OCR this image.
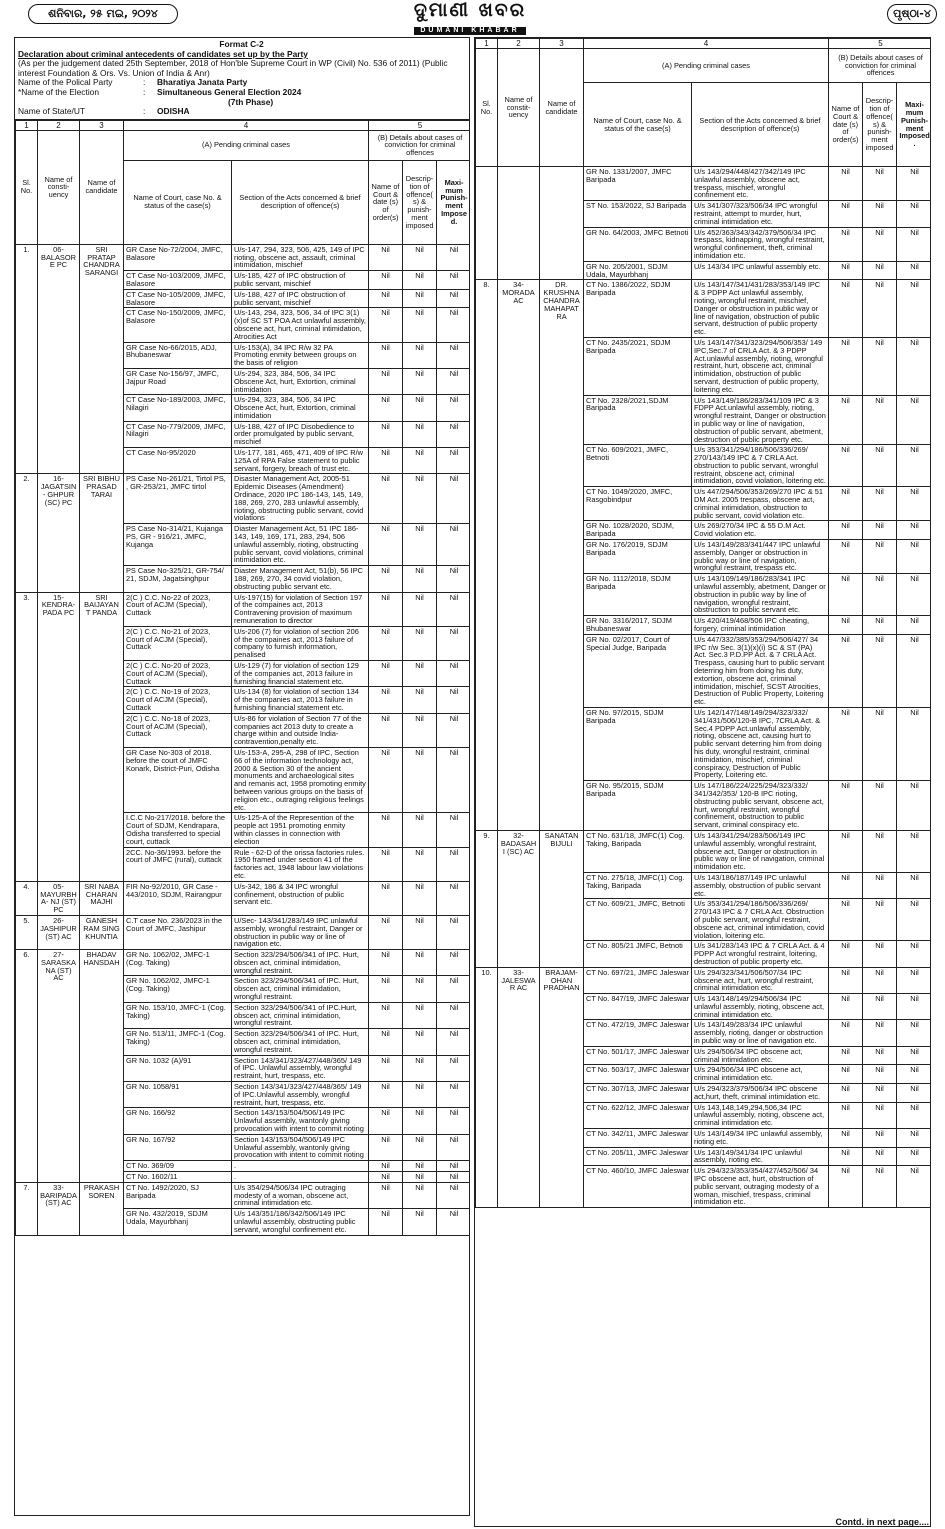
ଶନିବାର, ୨୫ ମଇ, ୨୦୨୪	ଦୁମାଣୀ ଖବର
DUMANI KHABAR
ପୃଷ୍ଠା-୪
Format C-2
Declaration about criminal antecedents of candidates set up by the Party
(As per the judgement dated 25th September, 2018 of Hon'ble Supreme Court in WP (Civil) No. 536 of 2011) (Public interest Foundation & Ors. Vs. Union of India & Anr)
Name of the Polical Party	:	Bharatiya Janata Party
*Name of the Election	:	Simultaneous General Election 2024
(7th Phase)
Name of State/UT	:	ODISHA
1	2	3	4		5		
Sl. No.	Name of consti- uency	Name of candidate	(A) Pending criminal cases		(B) Details about cases of conviction for criminal offences		
			Name of Court, case No. & status of the case(s)	Section of the Acts concerned & brief description of offence(s)	Name of Court & date (s) of order(s)	Descrip- tion of offence(s) & punish- ment imposed	Maxi- mum Punish- ment Imposed.
1.	06- BALASORE PC	SRI PRATAP CHANDRA SARANGI	GR Case No-72/2004, JMFC, Balasore	U/s-147, 294, 323, 506, 425, 149 of IPC rioting, obscene act, assault, criminal intimidation, mischief	Nil	Nil	Nil
			CT Case No-103/2009, JMFC, Balasore	U/s-185, 427 of IPC obstruction of public servant, mischief	Nil	Nil	Nil
			CT Case No-105/2009, JMFC, Balasore	U/s-188, 427 of IPC obstruction of public servant, mischief	Nil	Nil	Nil
			CT Case No-150/2009, JMFC, Balasore	U/s-143, 294, 323, 506, 34 of IPC 3(1)(x)of SC ST POA Act unlawful assembly, obscene act, hurt, criminal intimidation, Atrocities Act	Nil	Nil	Nil
			GR Case No-66/2015, ADJ, Bhubaneswar	U/s-153(A), 34 IPC R/w 32 PA Promoting enmity between groups on the basis of religion	Nil	Nil	Nil
			GR Case No-156/97, JMFC, Jajpur Road	U/s-294, 323, 384, 506, 34 IPC Obscene Act, hurt, Extortion, criminal intimidation	Nil	Nil	Nil
			CT Case No-189/2003, JMFC, Nilagiri	U/s-294, 323, 384, 506, 34 IPC Obscene Act, hurt, Extortion, criminal intimidation	Nil	Nil	Nil
			CT Case No-779/2009, JMFC, Nilagiri	U/s-188, 427 of IPC Disobedience to order promulgated by public servant, mischief	Nil	Nil	Nil
			CT Case No-95/2020	U/s-177, 181, 465, 471, 409 of IPC R/w 125A of RPA False statement to public servant, forgery, breach of trust etc.	Nil	Nil	Nil
2.	16- JAGATSIN- GHPUR (SC) PC	SRI BIBHU PRASAD TARAI	PS Case No-261/21, Tirtol PS, , GR-253/21, JMFC tirtol	Disaster Management Act, 2005-51 Epidemic Diseases (Amendment) Ordinace, 2020 IPC 186-143, 145, 149, 188, 269, 270, 283 unlawful assembly, rioting, obstructing public servant, covid violations	Nil	Nil	Nil
			PS Case No-314/21, Kujanga PS, GR - 916/21, JMFC, Kujanga	Diaster Management Act, 51 IPC 186-143, 149, 169, 171, 283, 294, 506 unlawful assembly, rioting, obstructing public servant, covid violations, criminal intimidation etc.	Nil	Nil	Nil
			PS Case No-325/21, GR-754/ 21, SDJM, Jagatsinghpur	Diaster Management Act, 51(b), 56 IPC 188, 269, 270, 34 covid violation, obstructing public servant etc.	Nil	Nil	Nil
3.	15- KENDRA- PADA PC	SRI BAIJAYANT PANDA	2(C ) C.C. No-22 of 2023, Court of ACJM (Special), Cuttack	U/s-197(15) for violation of Section 197 of the compaines act, 2013 Contravening provision of maximum remuneration to director	Nil	Nil	Nil
			2(C ) C.C. No-21 of 2023, Court of ACJM (Special), Cuttack	U/s-206 (7) for violation of section 206 of the compaines act, 2013 failure of company to furnish information, penalised	Nil	Nil	Nil
			2(C ) C.C. No-20 of 2023, Court of ACJM (Special), Cuttack	U/s-129 (7) for violation of section 129 of the companies act, 2013 failure in furnishing financial statement etc.	Nil	Nil	Nil
			2(C ) C.C. No-19 of 2023, Court of ACJM (Special), Cuttack	U/s-134 (8) for violation of section 134 of the companies act, 2013 failure in furnishing financial statement etc.	Nil	Nil	Nil
			2(C ) C.C. No-18 of 2023, Court of ACJM (Special), Cuttack	U/s-86 for violation of Section 77 of the companies act 2013 duty to create a charge within and outside India- contravention,penalty etc.	Nil	Nil	Nil
			GR Case No-303 of 2018. before the court of JMFC Konark, District-Puri, Odisha	U/s-153-A, 295-A, 298 of IPC, Section 66 of the information technology act, 2000 & Section 30 of the ancient monuments and archaeological sites and remanis act, 1958 promoting enmity between various groups on the basis of religion etc., outraging religious feelings etc.	Nil	Nil	Nil
			I.C.C No-217/2018. before the Court of SDJM, Kendrapara, Odisha transferred to special court, cuttack	U/s-125-A of the Represention of the people act 1951 promoting enmity within classes in connection with election	Nil	Nil	Nil
			2CC. No-36/1993. before the court of JMFC (rural), cuttack	Rule - 62-D of the orissa factories rules. 1950 framed under section 41 of the factories act, 1948 labour law violations etc.	Nil	Nil	Nil
4.	05- MAYURBHA- NJ (ST) PC	SRI NABA CHARAN MAJHI	FIR No-92/2010, GR Case - 443/2010, SDJM, Rairangpur	U/s-342, 186 & 34 IPC wrongful confinement, obstruction of public servant etc.	Nil	Nil	Nil
5.	26- JASHIPUR (ST) AC	GANESH RAM SING KHUNTIA	C.T case No. 236/2023 in the Court of JMFC, Jashipur	U/Sec- 143/341/283/149 IPC unlawful assembly, wrongful restraint, Danger or obstruction in public way or line of navigation etc.	Nil	Nil	Nil
6.	27- SARASKANA (ST) AC	BHADAV HANSDAH	GR No. 1062/02, JMFC-1 (Cog. Taking)	Section 323/294/506/341 of IPC. Hurt, obscen act, criminal intimidation, wrongful restraint.	Nil	Nil	Nil
			GR No. 1062/02, JMFC-1 (Cog. Taking)	Section 323/294/506/341 of IPC. Hurt, obscen act, criminal intimidation, wrongful restraint.	Nil	Nil	Nil
			GR No. 153/10, JMFC-1 (Cog. Taking)	Section 323/294/506/341 of IPC.Hurt, obscen act, criminal intimidation, wrongful restraint.	Nil	Nil	Nil
			GR No. 513/11, JMFC-1 (Cog. Taking)	Section 323/294/506/341 of IPC. Hurt, obscen act, criminal intimidation, wrongful restraint.	Nil	Nil	Nil
			GR No. 1032 (A)/91	Section 143/341/323/427/448/365/ 149 of IPC. Unlawful assembly, wrongful restraint, hurt, trespass, etc.	Nil	Nil	Nil
			GR No. 1058/91	Section 143/341/323/427/448/365/ 149 of IPC.Unlawful assembly, wrongful restraint, hurt, trespass, etc.	Nil	Nil	Nil
			GR No. 166/92	Section 143/153/504/506/149 IPC Unlawful assembly, wantonly giving provocation with intent to commit rioting	Nil	Nil	Nil
			GR No. 167/92	Section 143/153/504/506/149 IPC Unlawful assembly, wantonly giving provocation with intent to commit rioting	Nil	Nil	Nil
			CT No. 369/09	.	Nil	Nil	Nil
			CT No. 1602/11	.	Nil	Nil	Nil
7.	33- BARIPADA (ST) AC	PRAKASH SOREN	CT No. 1492/2020, SJ Baripada	U/s 354/294/506/34 IPC outraging modesty of a woman, obscene act, criminal intimidation etc.	Nil	Nil	Nil
			GR No. 432/2019, SDJM Udala, Mayurbhanj	U/s 143/351/186/342/506/149 IPC unlawful assembly, obstructing public servant, wrongful confinement etc.	Nil	Nil	Nil
1	2	3	4		5		
Sl. No.	Name of constit- uency	Name of candidate	(A) Pending criminal cases		(B) Details about cases of conviction for criminal offences		
			Name of Court, case No. & status of the case(s)	Section of the Acts concerned & brief description of offence(s)	Name of Court & date (s) of order(s)	Descrip- tion of offence(s) & punish- ment imposed	Maxi- mum Punish- ment Imposed.
			GR No. 1331/2007, JMFC Baripada	U/s 143/294/448/427/342/149 IPC unlawful assembly, obscene act, trespass, mischief, wrongful confinement etc.	Nil	Nil	Nil
			ST No. 153/2022, SJ Baripada	U/s 341/307/323/506/34 IPC wrongful restraint, attempt to murder, hurt, criminal intimidation etc.	Nil	Nil	Nil
			GR No. 64/2003, JMFC Betnoti	U/s 452/363/343/342/379/506/34 IPC trespass, kidnapping, wrongful restraint, wrongful confinement, theft, criminal intimidation etc.	Nil	Nil	Nil
			GR No. 205/2001, SDJM Udala, Mayurbhanj	U/s 143/34 IPC unlawful assembly etc.	Nil	Nil	Nil
8.	34- MORADA AC	DR. KRUSHNA CHANDRA MAHAPATRA	CT No. 1386/2022, SDJM Baripada	U/s 143/147/341/431/283/353/149 IPC & 3 PDPP Act unlawful assembly, rioting, wrongful restraint, mischief, Danger or obstruction in public way or line of navigation, obstruction of public servant, destruction of public property etc.	Nil	Nil	Nil
			CT No. 2435/2021, SDJM Baripada	U/s 143/147/341/323/294/506/353/ 149 IPC,Sec.7 of CRLA Act. & 3 PDPP Act.unlawful assembly, rioting, wrongful restraint, hurt, obscene act, criminal intimidation, obstruction of public servant, destruction of public property, loitering etc.	Nil	Nil	Nil
			CT No. 2328/2021,SDJM Baripada	U/s 143/149/186/283/341/109 IPC & 3 FDPP Act.unlawful assembly, rioting, wrongful restraint, Danger or obstruction in public way or line of navigation, obstruction of public servant, abetment, destruction of public property etc.	Nil	Nil	Nil
			CT No. 609/2021, JMFC, Betnoti	U/s 353/341/294/186/506/336/269/ 270/143/149 IPC & 7 CRLA Act. obstruction to public servant, wrongful restraint, obscene act, criminal intimidation, covid violation, loitering etc.	Nil	Nil	Nil
			CT No. 1049/2020, JMFC, Rasgobindpur	U/s 447/294/506/353/269/270 IPC & 51 DM Act. 2005 trespass, obscene act, criminal intimidation, obstruction to public servant, covid violation etc.	Nil	Nil	Nil
			GR No. 1028/2020, SDJM, Baripada	U/s 269/270/34 IPC & 55 D.M Act. Covid violation etc.	Nil	Nil	Nil
			GR No. 176/2019, SDJM Baripada	U/s 143/149/283/341/447 IPC unlawful assembly, Danger or obstruction in public way or line of navigation, wrongful restraint, trespass etc.	Nil	Nil	Nil
			GR No. 1112/2018, SDJM Baripada	U/s 143/109/149/186/283/341 IPC unlawful assembly, abetment, Danger or obstruction in public way by line of navigation, wrongful restraint, obstruction to public servant etc.	Nil	Nil	Nil
			GR No. 3316/2017, SDJM Bhubaneswar	U/s 420/419/468/506 IPC cheating, forgery, criminal intimidation	Nil	Nil	Nil
			GR No. 02/2017, Court of Special Judge, Baripada	U/s 447/332/385/353/294/506/427/ 34 IPC r/w Sec. 3(1)(x)(i) SC & ST (PA) Act. Sec.3 P.D.PP Act. & 7 CRLA Act. Trespass, causing hurt to public servant deterring him from doing his duty, extortion, obscene act, criminal intimidation, mischief, SCST Atrocities, Destruction of Public Property, Loitering etc.	Nil	Nil	Nil
			GR No. 97/2015, SDJM Baripada	U/s 142/147/148/149/294/323/332/ 341/431/506/120-B IPC, 7CRLA Act. & Sec.4 PDPP Act.unlawful assembly, rioting, obscene act, causing hurt to public servant deterring him from doing his duty, wrongful restraint, criminal intimidation, mischief, criminal conspiracy, Destruction of Public Property, Loitering etc.	Nil	Nil	Nil
			GR No. 95/2015, SDJM Baripada	U/s 147/186/224/225/294/323/332/ 341/342/353/ 120-B IPC rioting, obstructing public servant, obscene act, hurt, wrongful restraint, wrongful confinement, obstruction to public servant, criminal conspiracy etc.	Nil	Nil	Nil
9.	32- BADASAHI (SC) AC	SANATAN BIJULI	CT No. 631/18, JMFC(1) Cog. Taking, Baripada	U/s 143/341/294/283/506/149 IPC unlawful assembly, wrongful restraint, obscene act, Danger or obstruction in public way or line of navigation, criminal intimidation etc.	Nil	Nil	Nil
			CT No. 275/18, JMFC(1) Cog. Taking, Baripada	U/s 143/186/187/149 IPC unlawful assembly, obstruction of public servant etc.	Nil	Nil	Nil
			CT No. 609/21, JMFC, Betnoti	U/s 353/341/294/186/506/336/269/ 270/143 IPC & 7 CRLA Act. Obstruction of public servant, wrongful restraint, obscene act, criminal intimidation, covid violation, loitering etc.	Nil	Nil	Nil
			CT No. 805/21 JMFC, Betnoti	U/s 341/283/143 IPC & 7 CRLA Act. & 4 PDPP Act wrongful restraint, loitering, destruction of public property etc.	Nil	Nil	Nil
10.	33- JALESWAR AC	BRAJAM- OHAN PRADHAN	CT No. 697/21, JMFC Jaleswar	U/s 294/323/341/506/507/34 IPC obscene act, hurt, wrongful restraint, criminal intimidation etc.	Nil	Nil	Nil
			CT No. 847/19, JMFC Jaleswar	U/s 143/148/149/294/506/34 IPC unlawful assembly, rioting, obscene act, criminal intimidation etc.	Nil	Nil	Nil
			CT No. 472/19, JMFC Jaleswar	U/s 143/149/283/34 IPC unlawful assembly, rioting, danger or obstruction in public way or line of navigation etc.	Nil	Nil	Nil
			CT No. 501/17, JMFC Jaleswar	U/s 294/506/34 IPC obscene act, criminal intimidation etc.	Nil	Nil	Nil
			CT No. 503/17, JMFC Jaleswar	U/s 294/506/34 IPC obscene act, criminal intimidation etc.	Nil	Nil	Nil
			CT No. 307/13, JMFC Jaleswar	U/s 294/323/379/506/34 IPC obscene act,hurt, theft, criminal intimidation etc.	Nil	Nil	Nil
			CT No. 622/12, JMFC Jaleswar	U/s 143,148,149,294,506,34 IPC unlawful assembly, rioting, obscene act, criminal intimidation etc.	Nil	Nil	Nil
			CT No. 342/11, JMFC Jaleswar	U/s 143/149/34 IPC unlawful assembly, rioting etc.	Nil	Nil	Nil
			CT No. 205/11, JMFC Jaleswar	U/s 143/149/341/34 IPC unlawful assembly, rioting etc.	Nil	Nil	Nil
			CT No. 460/10, JMFC Jaleswar	U/s 294/323/353/354/427/452/506/ 34 IPC obscene act, hurt, obstruction of public servant, outraging modesty of a woman, mischief, trespass, criminal intimidation etc.	Nil	Nil	Nil
Contd. in next page....
